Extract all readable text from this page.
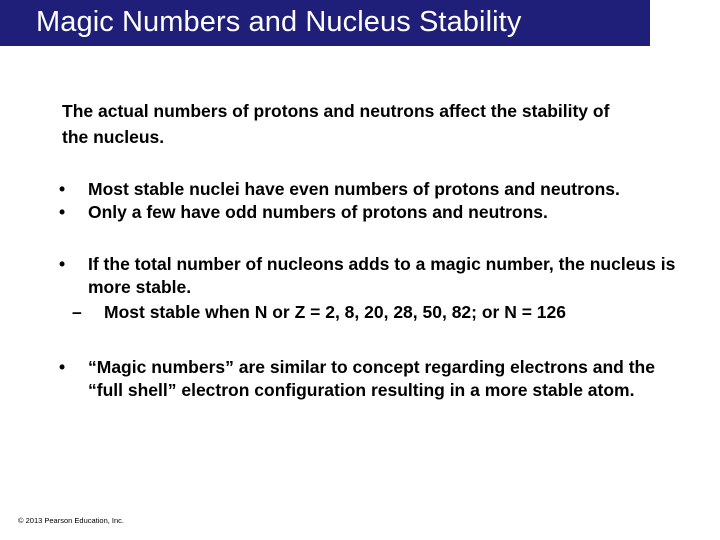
Magic Numbers and Nucleus Stability

The actual numbers of protons and neutrons affect the stability of the nucleus.

• Most stable nuclei have even numbers of protons and neutrons.
• Only a few have odd numbers of protons and neutrons.
• If the total number of nucleons adds to a magic number, the nucleus is more stable.
– Most stable when N or Z = 2, 8, 20, 28, 50, 82; or N = 126
• “Magic numbers” are similar to concept regarding electrons and the “full shell” electron configuration resulting in a more stable atom.

© 2013 Pearson Education, Inc.
